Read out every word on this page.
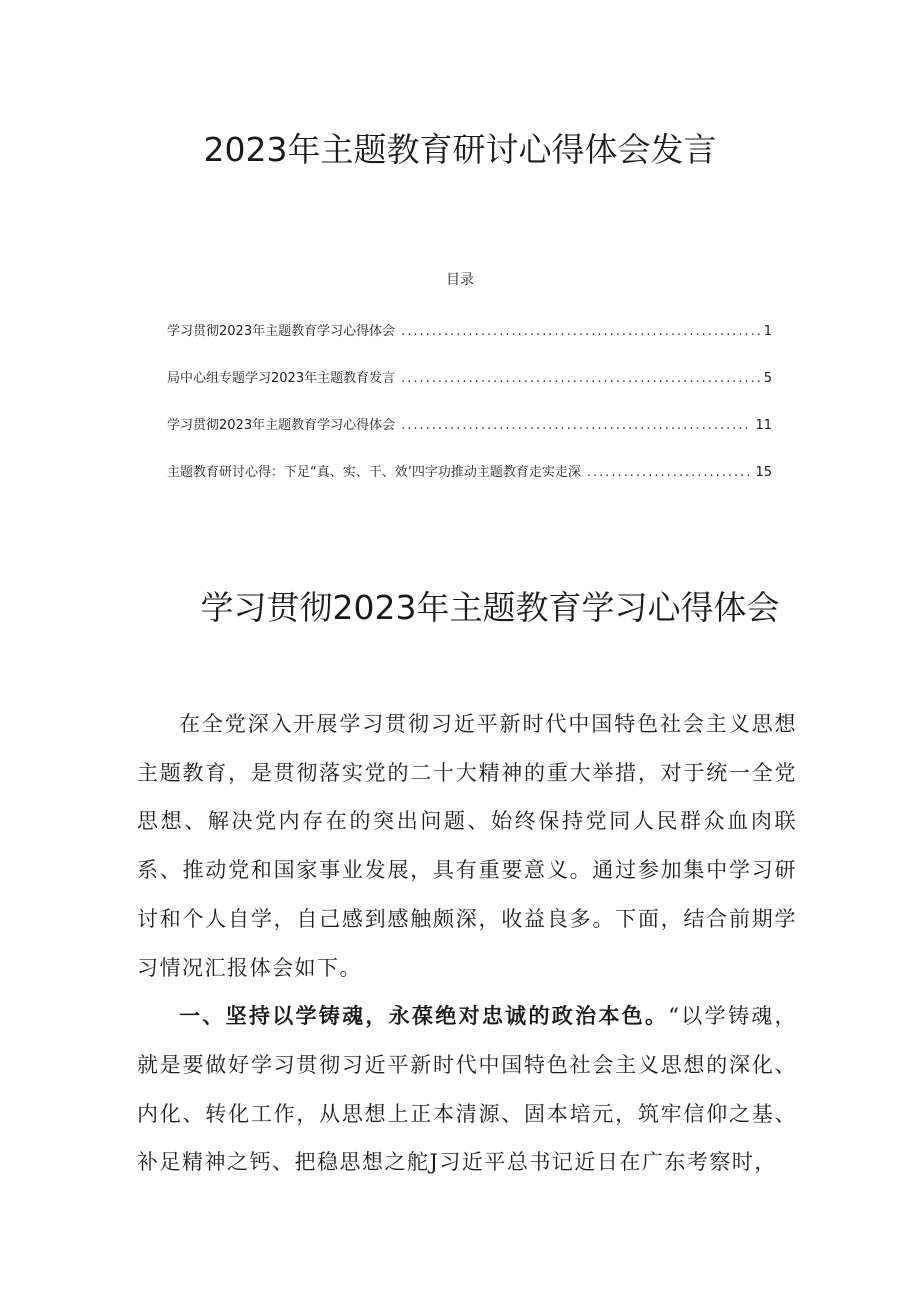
2023年主题教育研讨心得体会发言
目录
学习贯彻2023年主题教育学习心得体会 .....	1
局中心组专题学习2023年主题教育发言 .....	5
学习贯彻2023年主题教育学习心得体会 .....	11
主题教育研讨心得：下足“真、实、干、效’四字功推动主题教育走实走深 .....	15
学习贯彻2023年主题教育学习心得体会

在全党深入开展学习贯彻习近平新时代中国特色社会主义思想主题教育，是贯彻落实党的二十大精神的重大举措，对于统一全党思想、解决党内存在的突出问题、始终保持党同人民群众血肉联系、推动党和国家事业发展，具有重要意义。通过参加集中学习研讨和个人自学，自己感到感触颇深，收益良多。下面，结合前期学习情况汇报体会如下。

一、坚持以学铸魂，永葆绝对忠诚的政治本色。“以学铸魂，就是要做好学习贯彻习近平新时代中国特色社会主义思想的深化、内化、转化工作，从思想上正本清源、固本培元，筑牢信仰之基、补足精神之钙、把稳思想之舵J习近平总书记近日在广东考察时，
